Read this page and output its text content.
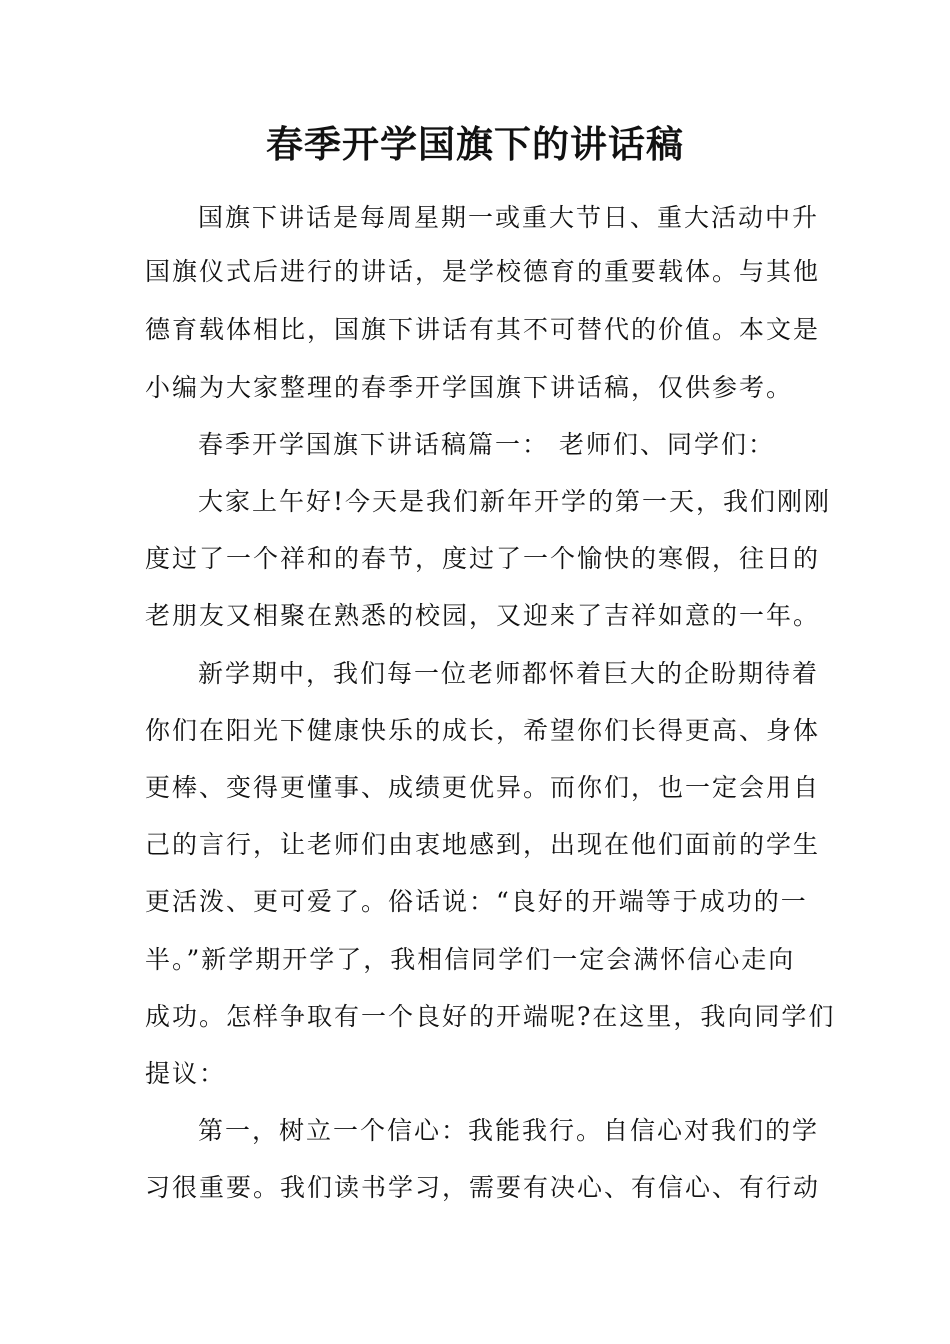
春季开学国旗下的讲话稿

国旗下讲话是每周星期一或重大节日、重大活动中升

国旗仪式后进行的讲话，是学校德育的重要载体。与其他

德育载体相比，国旗下讲话有其不可替代的价值。本文是

小编为大家整理的春季开学国旗下讲话稿，仅供参考。

春季开学国旗下讲话稿篇一： 老师们、同学们：

大家上午好!今天是我们新年开学的第一天，我们刚刚

度过了一个祥和的春节，度过了一个愉快的寒假，往日的

老朋友又相聚在熟悉的校园，又迎来了吉祥如意的一年。

新学期中，我们每一位老师都怀着巨大的企盼期待着

你们在阳光下健康快乐的成长，希望你们长得更高、身体

更棒、变得更懂事、成绩更优异。而你们，也一定会用自

己的言行，让老师们由衷地感到，出现在他们面前的学生

更活泼、更可爱了。俗话说：“良好的开端等于成功的一

半。”新学期开学了，我相信同学们一定会满怀信心走向

成功。怎样争取有一个良好的开端呢?在这里，我向同学们

提议：

第一，树立一个信心：我能我行。自信心对我们的学

习很重要。我们读书学习，需要有决心、有信心、有行动
